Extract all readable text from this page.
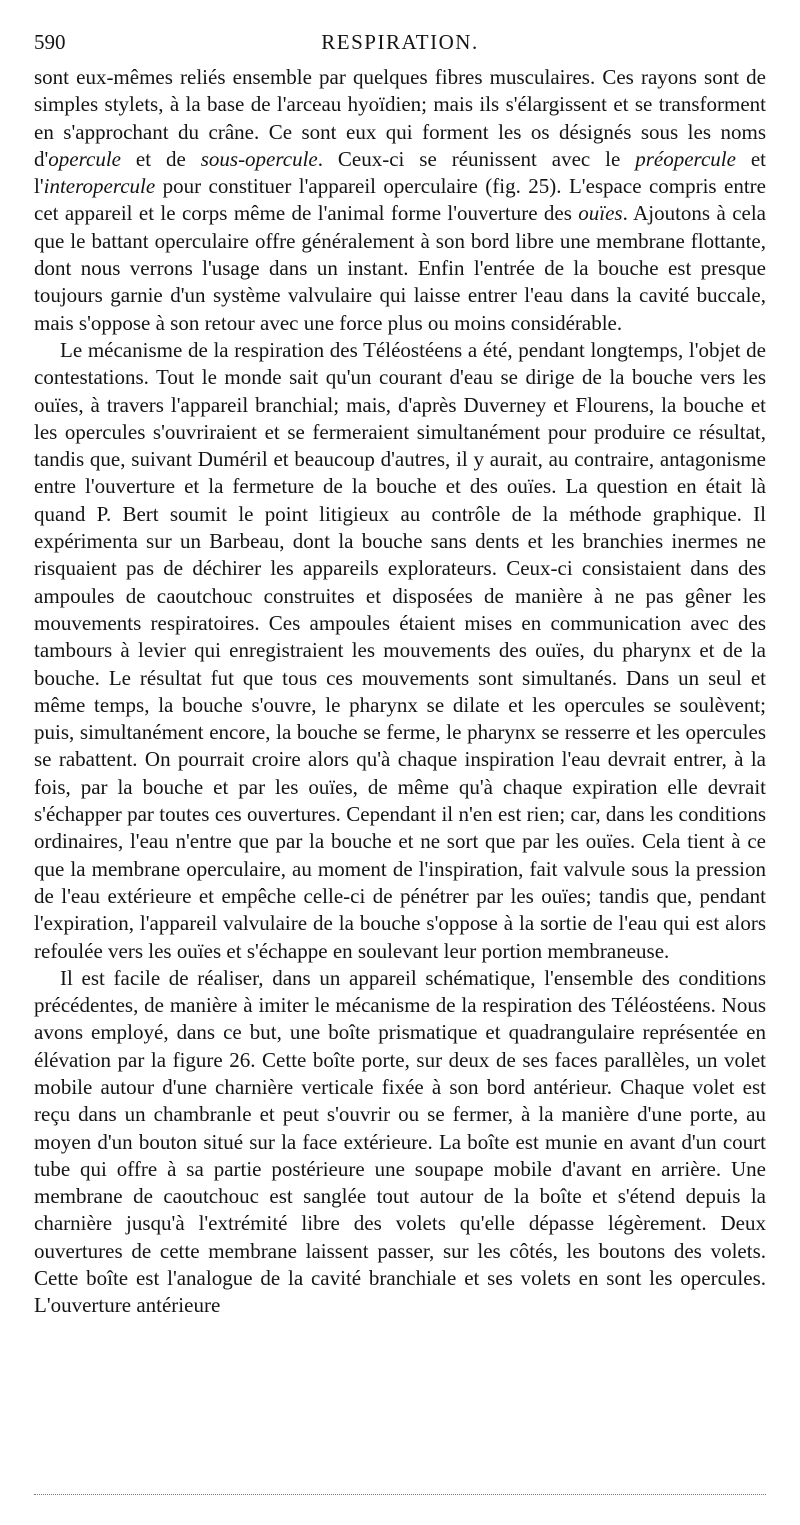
590	RESPIRATION.

sont eux-mêmes reliés ensemble par quelques fibres musculaires. Ces rayons sont de simples stylets, à la base de l'arceau hyoïdien; mais ils s'élargissent et se transforment en s'approchant du crâne. Ce sont eux qui forment les os désignés sous les noms d'opercule et de sous-opercule. Ceux-ci se réunissent avec le préopercule et l'interopercule pour constituer l'appareil operculaire (fig. 25). L'espace compris entre cet appareil et le corps même de l'animal forme l'ouverture des ouïes. Ajoutons à cela que le battant operculaire offre généralement à son bord libre une membrane flottante, dont nous verrons l'usage dans un instant. Enfin l'entrée de la bouche est presque toujours garnie d'un système valvulaire qui laisse entrer l'eau dans la cavité buccale, mais s'oppose à son retour avec une force plus ou moins considérable.

Le mécanisme de la respiration des Téléostéens a été, pendant longtemps, l'objet de contestations. Tout le monde sait qu'un courant d'eau se dirige de la bouche vers les ouïes, à travers l'appareil branchial; mais, d'après Duverney et Flourens, la bouche et les opercules s'ouvriraient et se fermeraient simultanément pour produire ce résultat, tandis que, suivant Duméril et beaucoup d'autres, il y aurait, au contraire, antagonisme entre l'ouverture et la fermeture de la bouche et des ouïes. La question en était là quand P. Bert soumit le point litigieux au contrôle de la méthode graphique. Il expérimenta sur un Barbeau, dont la bouche sans dents et les branchies inermes ne risquaient pas de déchirer les appareils explorateurs. Ceux-ci consistaient dans des ampoules de caoutchouc construites et disposées de manière à ne pas gêner les mouvements respiratoires. Ces ampoules étaient mises en communication avec des tambours à levier qui enregistraient les mouvements des ouïes, du pharynx et de la bouche. Le résultat fut que tous ces mouvements sont simultanés. Dans un seul et même temps, la bouche s'ouvre, le pharynx se dilate et les opercules se soulèvent; puis, simultanément encore, la bouche se ferme, le pharynx se resserre et les opercules se rabattent. On pourrait croire alors qu'à chaque inspiration l'eau devrait entrer, à la fois, par la bouche et par les ouïes, de même qu'à chaque expiration elle devrait s'échapper par toutes ces ouvertures. Cependant il n'en est rien; car, dans les conditions ordinaires, l'eau n'entre que par la bouche et ne sort que par les ouïes. Cela tient à ce que la membrane operculaire, au moment de l'inspiration, fait valvule sous la pression de l'eau extérieure et empêche celle-ci de pénétrer par les ouïes; tandis que, pendant l'expiration, l'appareil valvulaire de la bouche s'oppose à la sortie de l'eau qui est alors refoulée vers les ouïes et s'échappe en soulevant leur portion membraneuse.

Il est facile de réaliser, dans un appareil schématique, l'ensemble des conditions précédentes, de manière à imiter le mécanisme de la respiration des Téléostéens. Nous avons employé, dans ce but, une boîte prismatique et quadrangulaire représentée en élévation par la figure 26. Cette boîte porte, sur deux de ses faces parallèles, un volet mobile autour d'une charnière verticale fixée à son bord antérieur. Chaque volet est reçu dans un chambranle et peut s'ouvrir ou se fermer, à la manière d'une porte, au moyen d'un bouton situé sur la face extérieure. La boîte est munie en avant d'un court tube qui offre à sa partie postérieure une soupape mobile d'avant en arrière. Une membrane de caoutchouc est sanglée tout autour de la boîte et s'étend depuis la charnière jusqu'à l'extrémité libre des volets qu'elle dépasse légèrement. Deux ouvertures de cette membrane laissent passer, sur les côtés, les boutons des volets. Cette boîte est l'analogue de la cavité branchiale et ses volets en sont les opercules. L'ouverture antérieure
